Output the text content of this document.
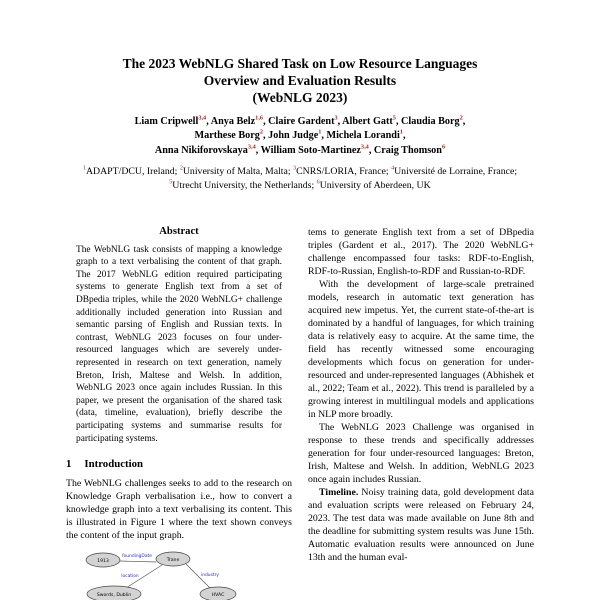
The 2023 WebNLG Shared Task on Low Resource Languages
Overview and Evaluation Results
(WebNLG 2023)
Liam Cripwell$^{3,4}$, Anya Belz$^{1,6}$, Claire Gardent$^3$, Albert Gatt$^5$, Claudia Borg$^2$,
Marthese Borg$^2$, John Judge$^1$, Michela Lorandi$^1$,
Anna Nikiforovskaya$^{3,4}$, William Soto-Martinez$^{3,4}$, Craig Thomson$^6$
$^1$ADAPT/DCU, Ireland; $^2$University of Malta, Malta; $^3$CNRS/LORIA, France; $^4$Université de Lorraine, France; $^5$Utrecht University, the Netherlands; $^6$University of Aberdeen, UK
Abstract

The WebNLG task consists of mapping a knowledge graph to a text verbalising the content of that graph. The 2017 WebNLG edition required participating systems to generate English text from a set of DBpedia triples, while the 2020 WebNLG+ challenge additionally included generation into Russian and semantic parsing of English and Russian texts. In contrast, WebNLG 2023 focuses on four under-resourced languages which are severely under-represented in research on text generation, namely Breton, Irish, Maltese and Welsh. In addition, WebNLG 2023 once again includes Russian. In this paper, we present the organisation of the shared task (data, timeline, evaluation), briefly describe the participating systems and summarise results for participating systems.

1 Introduction

The WebNLG challenges seeks to add to the research on Knowledge Graph verbalisation i.e., how to convert a knowledge graph into a text verbalising its content. This is illustrated in Figure 1 where the text shown conveys the content of the input graph.

1913	Trane
Swords, Dublin	HVAC
foundingDate
location	industry

tems to generate English text from a set of DBpedia triples (Gardent et al., 2017). The 2020 WebNLG+ challenge encompassed four tasks: RDF-to-English, RDF-to-Russian, English-to-RDF and Russian-to-RDF.

With the development of large-scale pretrained models, research in automatic text generation has acquired new impetus. Yet, the current state-of-the-art is dominated by a handful of languages, for which training data is relatively easy to acquire. At the same time, the field has recently witnessed some encouraging developments which focus on generation for under-resourced and under-represented languages (Abhishek et al., 2022; Team et al., 2022). This trend is paralleled by a growing interest in multilingual models and applications in NLP more broadly.

The WebNLG 2023 Challenge was organised in response to these trends and specifically addresses generation for four under-resourced languages: Breton, Irish, Maltese and Welsh. In addition, WebNLG 2023 once again includes Russian.

Timeline. Noisy training data, gold development data and evaluation scripts were released on February 24, 2023. The test data was made available on June 8th and the deadline for submitting system results was June 15th. Automatic evaluation results were announced on June 13th and the human eval-
